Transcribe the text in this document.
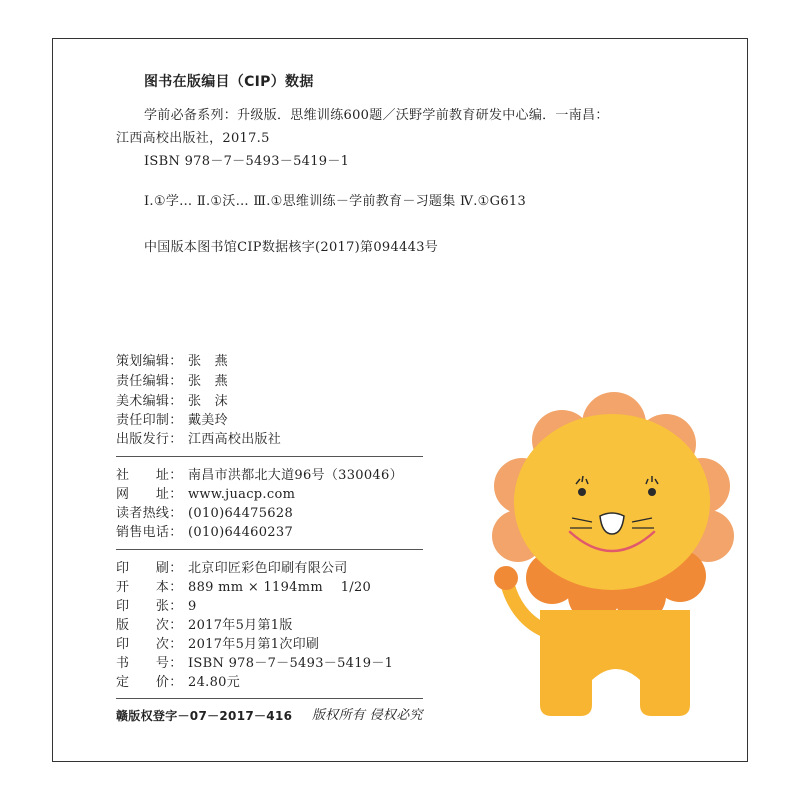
图书在版编目（CIP）数据
学前必备系列：升级版．思维训练600题／沃野学前教育研发中心编．一南昌：
江西高校出版社，2017.5
ISBN 978－7－5493－5419－1
Ⅰ.①学… Ⅱ.①沃… Ⅲ.①思维训练－学前教育－习题集 Ⅳ.①G613
中国版本图书馆CIP数据核字(2017)第094443号
策划编辑： 张　燕
责任编辑： 张　燕
美术编辑： 张　沫
责任印制： 戴美玲
出版发行： 江西高校出版社
社　　址： 南昌市洪都北大道96号（330046）
网　　址： www.juacp.com
读者热线： (010)64475628
销售电话： (010)64460237
印　　刷： 北京印匠彩色印刷有限公司
开　　本： 889 mm × 1194mm　 1/20
印　　张： 9
版　　次： 2017年5月第1版
印　　次： 2017年5月第1次印刷
书　　号： ISBN 978－7－5493－5419－1
定　　价： 24.80元
赣版权登字－07－2017－416 版权所有 侵权必究
